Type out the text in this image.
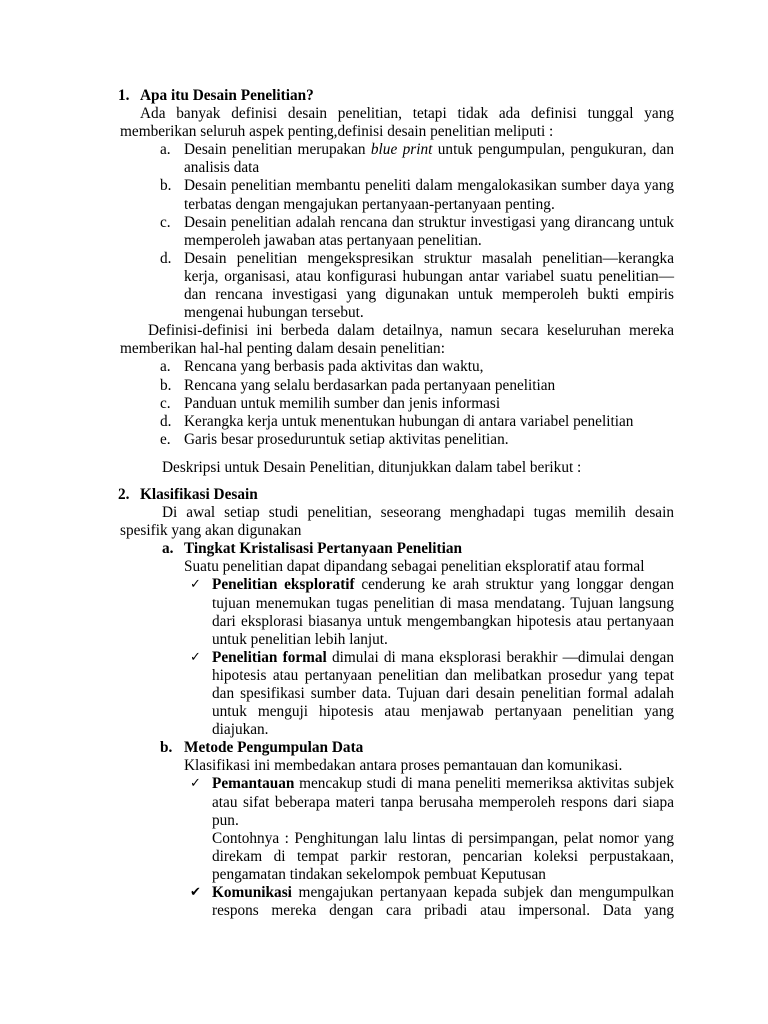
1. Apa itu Desain Penelitian?
Ada banyak definisi desain penelitian, tetapi tidak ada definisi tunggal yang
memberikan seluruh aspek penting,definisi desain penelitian meliputi :
a. Desain penelitian merupakan blue print untuk pengumpulan, pengukuran, dan
analisis data
b. Desain penelitian membantu peneliti dalam mengalokasikan sumber daya yang
terbatas dengan mengajukan pertanyaan-pertanyaan penting.
c. Desain penelitian adalah rencana dan struktur investigasi yang dirancang untuk
memperoleh jawaban atas pertanyaan penelitian.
d. Desain penelitian mengekspresikan struktur masalah penelitian—kerangka
kerja, organisasi, atau konfigurasi hubungan antar variabel suatu penelitian—
dan rencana investigasi yang digunakan untuk memperoleh bukti empiris
mengenai hubungan tersebut.
Definisi-definisi ini berbeda dalam detailnya, namun secara keseluruhan mereka
memberikan hal-hal penting dalam desain penelitian:
a. Rencana yang berbasis pada aktivitas dan waktu,
b. Rencana yang selalu berdasarkan pada pertanyaan penelitian
c. Panduan untuk memilih sumber dan jenis informasi
d. Kerangka kerja untuk menentukan hubungan di antara variabel penelitian
e. Garis besar proseduruntuk setiap aktivitas penelitian.
Deskripsi untuk Desain Penelitian, ditunjukkan dalam tabel berikut :
2. Klasifikasi Desain
Di awal setiap studi penelitian, seseorang menghadapi tugas memilih desain
spesifik yang akan digunakan
a. Tingkat Kristalisasi Pertanyaan Penelitian
Suatu penelitian dapat dipandang sebagai penelitian eksploratif atau formal
✓
Penelitian eksploratif cenderung ke arah struktur yang longgar dengan
tujuan menemukan tugas penelitian di masa mendatang. Tujuan langsung
dari eksplorasi biasanya untuk mengembangkan hipotesis atau pertanyaan
untuk penelitian lebih lanjut.
✓
Penelitian formal dimulai di mana eksplorasi berakhir —dimulai dengan
hipotesis atau pertanyaan penelitian dan melibatkan prosedur yang tepat
dan spesifikasi sumber data. Tujuan dari desain penelitian formal adalah
untuk menguji hipotesis atau menjawab pertanyaan penelitian yang
diajukan.
b. Metode Pengumpulan Data
Klasifikasi ini membedakan antara proses pemantauan dan komunikasi.
✓
Pemantauan mencakup studi di mana peneliti memeriksa aktivitas subjek
atau sifat beberapa materi tanpa berusaha memperoleh respons dari siapa
pun.
Contohnya : Penghitungan lalu lintas di persimpangan, pelat nomor yang
direkam di tempat parkir restoran, pencarian koleksi perpustakaan,
pengamatan tindakan sekelompok pembuat Keputusan
✔
Komunikasi mengajukan pertanyaan kepada subjek dan mengumpulkan
respons mereka dengan cara pribadi atau impersonal. Data yang
